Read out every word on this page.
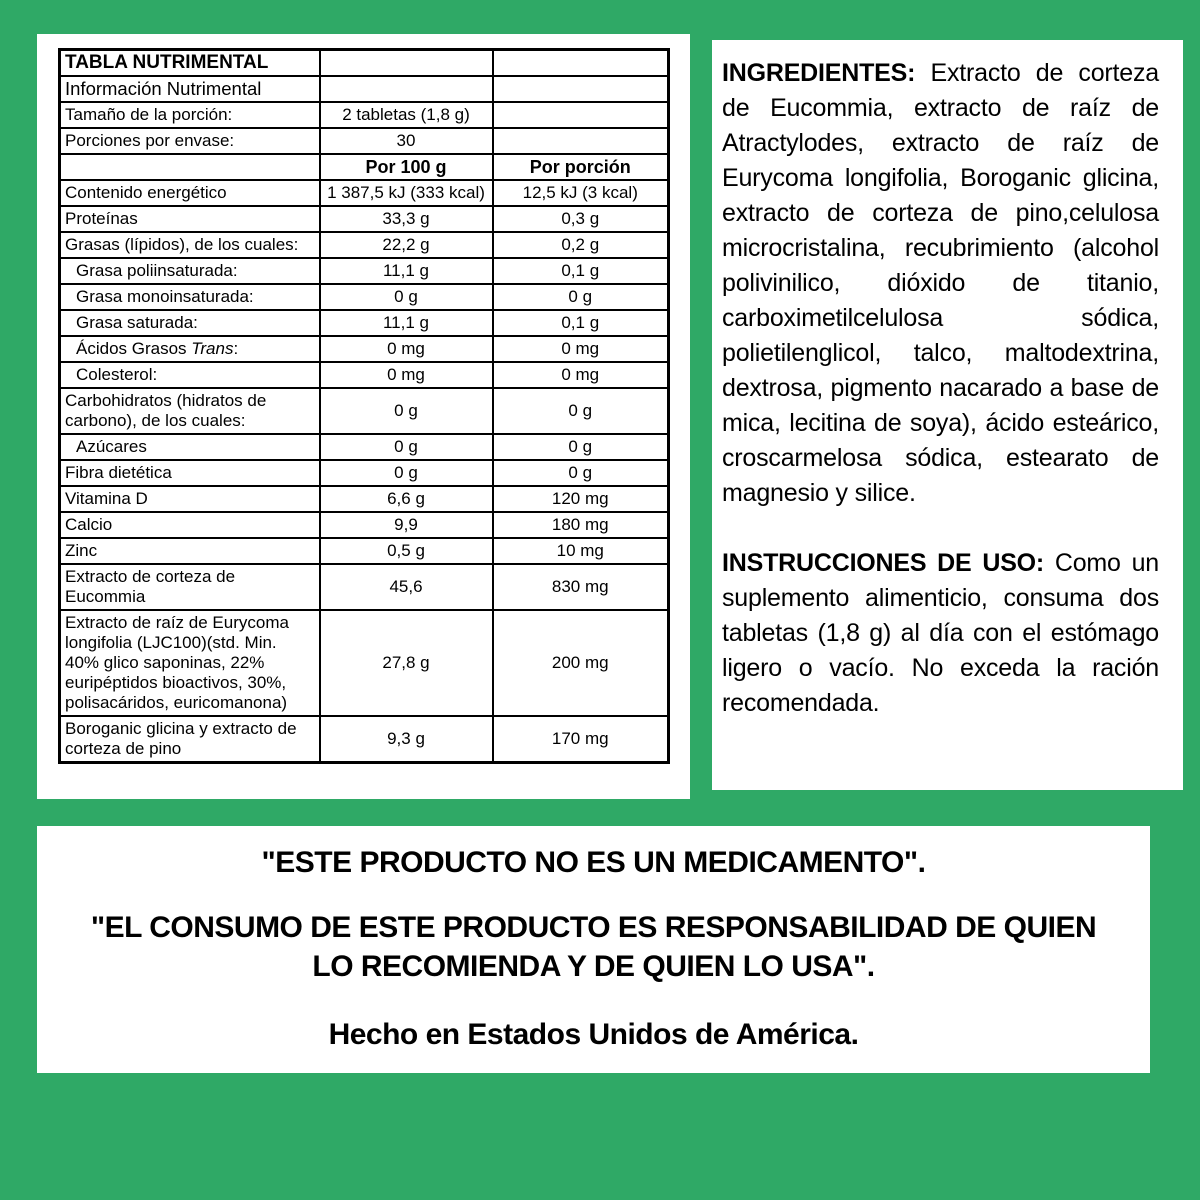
TABLA NUTRIMENTAL		
Información Nutrimental		
Tamaño de la porción:	2 tabletas (1,8 g)	
Porciones por envase:	30	
	Por 100 g	Por porción
Contenido energético	1 387,5 kJ (333 kcal)	12,5 kJ (3 kcal)
Proteínas	33,3 g	0,3 g
Grasas (lípidos), de los cuales:	22,2 g	0,2 g
Grasa poliinsaturada:	11,1 g	0,1 g
Grasa monoinsaturada:	0 g	0 g
Grasa saturada:	11,1 g	0,1 g
Ácidos Grasos Trans:	0 mg	0 mg
Colesterol:	0 mg	0 mg
Carbohidratos (hidratos de carbono), de los cuales:	0 g	0 g
Azúcares	0 g	0 g
Fibra dietética	0 g	0 g
Vitamina D	6,6 g	120 mg
Calcio	9,9	180 mg
Zinc	0,5 g	10 mg
Extracto de corteza de Eucommia	45,6	830 mg
Extracto de raíz de Eurycoma longifolia (LJC100)(std. Min. 40% glico saponinas, 22% euripéptidos bioactivos, 30%, polisacáridos, euricomanona)	27,8 g	200 mg
Boroganic glicina y extracto de corteza de pino	9,3 g	170 mg

INGREDIENTES: Extracto de corteza de Eucommia, extracto de raíz de Atractylodes, extracto de raíz de Eurycoma longifolia, Boroganic glicina, extracto de corteza de pino,celulosa microcristalina, recubrimiento (alcohol polivinilico, dióxido de titanio, carboximetilcelulosa sódica, polietilenglicol, talco, maltodextrina, dextrosa, pigmento nacarado a base de mica, lecitina de soya), ácido esteárico, croscarmelosa sódica, estearato de magnesio y silice.

INSTRUCCIONES DE USO: Como un suplemento alimenticio, consuma dos tabletas (1,8 g) al día con el estómago ligero o vacío. No exceda la ración recomendada.

"ESTE PRODUCTO NO ES UN MEDICAMENTO".

"EL CONSUMO DE ESTE PRODUCTO ES RESPONSABILIDAD DE QUIEN
LO RECOMIENDA Y DE QUIEN LO USA".

Hecho en Estados Unidos de América.
